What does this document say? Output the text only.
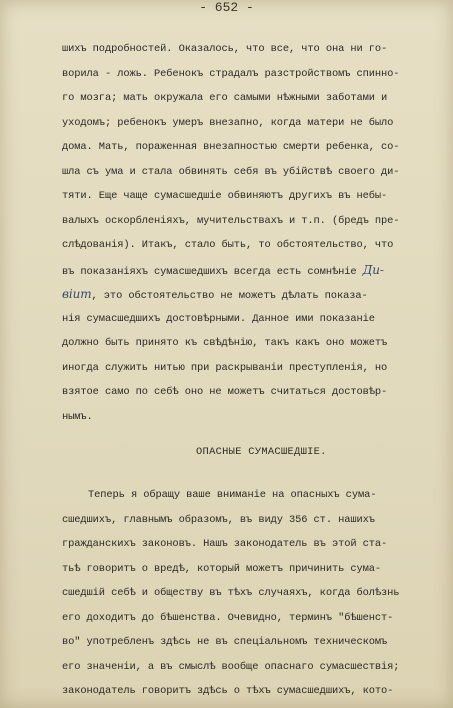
- 652 -
шихъ подробностей. Оказалось, что все, что она ни го-
ворила - ложь. Ребенокъ страдалъ разстройствомъ спинно-
го мозга; мать окружала его самыми нѣжными заботами и
уходомъ; ребенокъ умеръ внезапно, когда матери не было
дома. Мать, пораженная внезапностью смерти ребенка, со-
шла съ ума и стала обвинять себя въ убійствѣ своего ди-
тяти. Еще чаще сумасшедшіе обвиняютъ другихъ въ небы-
валыхъ оскорбленіяхъ, мучительствахъ и т.п. (бредъ пре-
слѣдованія). Итакъ, стало быть, то обстоятельство, что
въ показаніяхъ сумасшедшихъ всегда есть сомнѣніе Ди-
віит, это обстоятельство не можетъ дѣлать показа-
нія сумасшедшихъ достовѣрными. Данное ими показаніе
должно быть принято къ свѣдѣнію, такъ какъ оно можетъ
иногда служить нитью при раскрываніи преступленія, но
взятое само по себѣ оно не можетъ считаться достовѣр-
нымъ.
ОПАСНЫЕ СУМАСШЕДШІЕ.
Теперь я обращу ваше вниманіе на опасныхъ сума-
сшедшихъ, главнымъ образомъ, въ виду 356 ст. нашихъ
гражданскихъ законовъ. Нашъ законодатель въ этой ста-
тьѣ говоритъ о вредѣ, который можетъ причинить сума-
сшедшій себѣ и обществу въ тѣхъ случаяхъ, когда болѣзнь
его доходитъ до бѣшенства. Очевидно, терминъ "бѣшенст-
во" употребленъ здѣсь не въ спеціальномъ техническомъ
его значеніи, а въ смыслѣ вообще опаснаго сумасшествія;
законодатель говоритъ здѣсь о тѣхъ сумасшедшихъ, кото-
